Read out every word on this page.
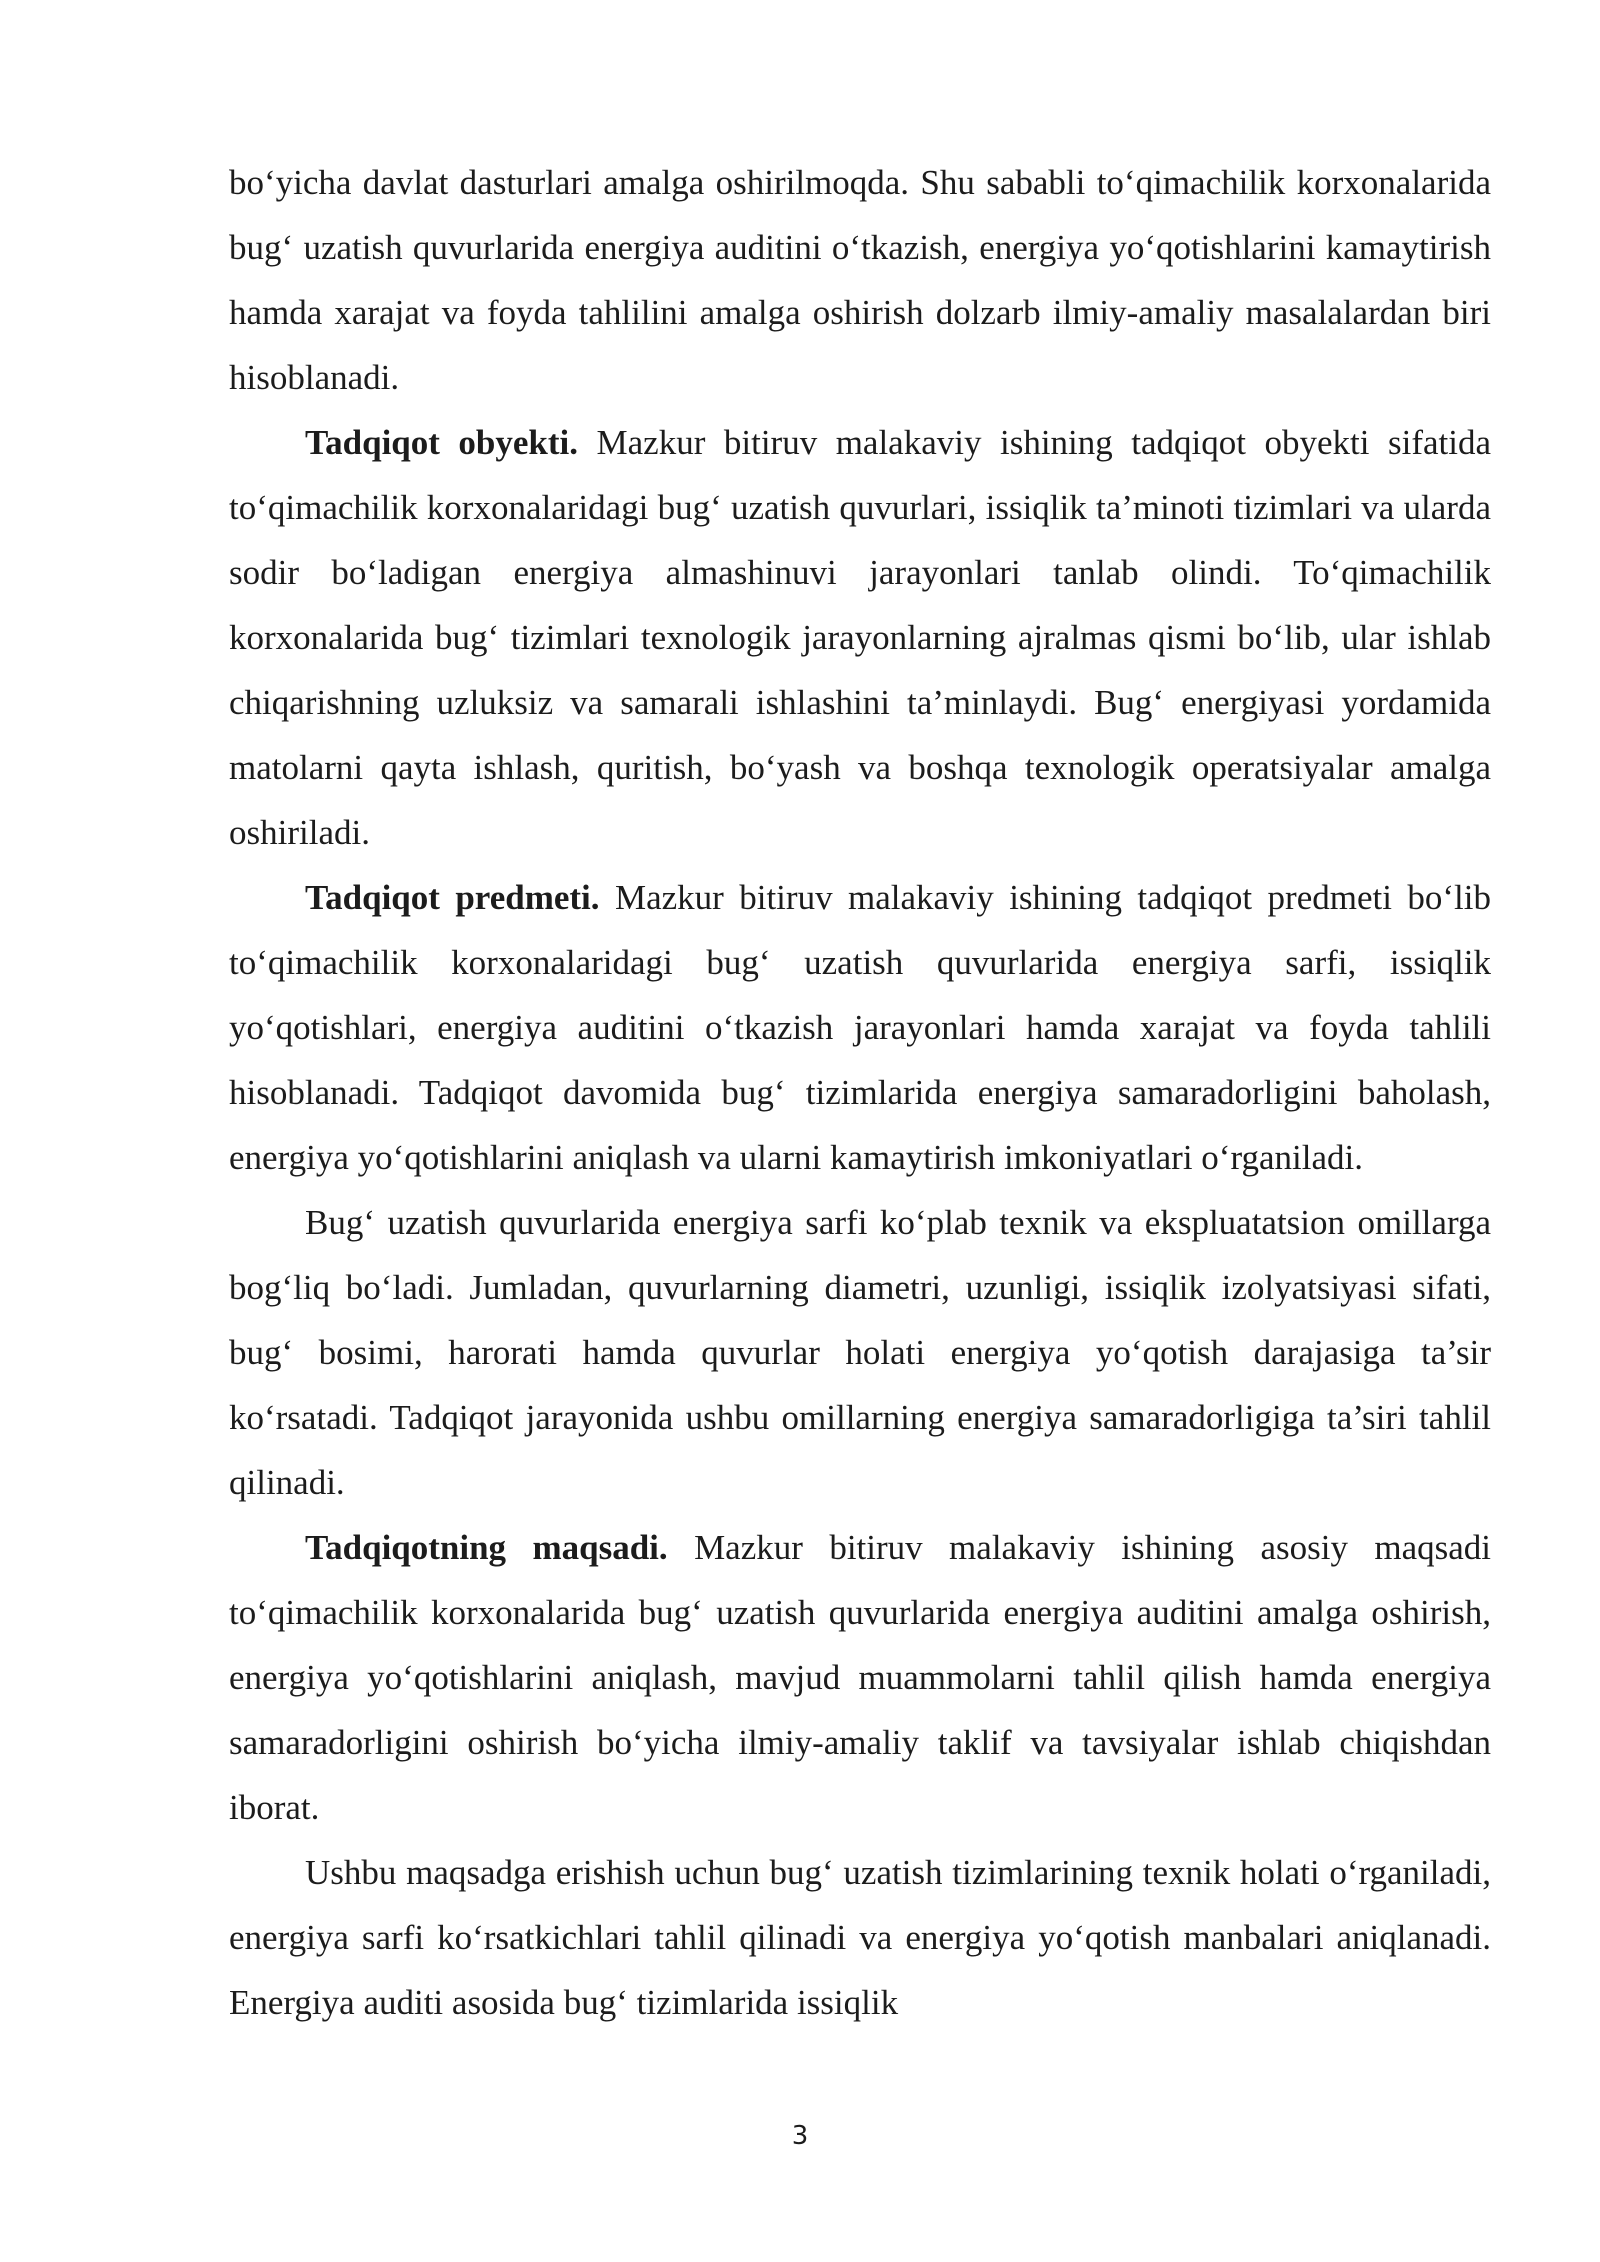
bo‘yicha davlat dasturlari amalga oshirilmoqda. Shu sababli to‘qimachilik korxonalarida bug‘ uzatish quvurlarida energiya auditini o‘tkazish, energiya yo‘qotishlarini kamaytirish hamda xarajat va foyda tahlilini amalga oshirish dolzarb ilmiy-amaliy masalalardan biri hisoblanadi.

Tadqiqot obyekti. Mazkur bitiruv malakaviy ishining tadqiqot obyekti sifatida to‘qimachilik korxonalaridagi bug‘ uzatish quvurlari, issiqlik ta’minoti tizimlari va ularda sodir bo‘ladigan energiya almashinuvi jarayonlari tanlab olindi. To‘qimachilik korxonalarida bug‘ tizimlari texnologik jarayonlarning ajralmas qismi bo‘lib, ular ishlab chiqarishning uzluksiz va samarali ishlashini ta’minlaydi. Bug‘ energiyasi yordamida matolarni qayta ishlash, quritish, bo‘yash va boshqa texnologik operatsiyalar amalga oshiriladi.

Tadqiqot predmeti. Mazkur bitiruv malakaviy ishining tadqiqot predmeti bo‘lib to‘qimachilik korxonalaridagi bug‘ uzatish quvurlarida energiya sarfi, issiqlik yo‘qotishlari, energiya auditini o‘tkazish jarayonlari hamda xarajat va foyda tahlili hisoblanadi. Tadqiqot davomida bug‘ tizimlarida energiya samaradorligini baholash, energiya yo‘qotishlarini aniqlash va ularni kamaytirish imkoniyatlari o‘rganiladi.

Bug‘ uzatish quvurlarida energiya sarfi ko‘plab texnik va ekspluatatsion omillarga bog‘liq bo‘ladi. Jumladan, quvurlarning diametri, uzunligi, issiqlik izolyatsiyasi sifati, bug‘ bosimi, harorati hamda quvurlar holati energiya yo‘qotish darajasiga ta’sir ko‘rsatadi. Tadqiqot jarayonida ushbu omillarning energiya samaradorligiga ta’siri tahlil qilinadi.

Tadqiqotning maqsadi. Mazkur bitiruv malakaviy ishining asosiy maqsadi to‘qimachilik korxonalarida bug‘ uzatish quvurlarida energiya auditini amalga oshirish, energiya yo‘qotishlarini aniqlash, mavjud muammolarni tahlil qilish hamda energiya samaradorligini oshirish bo‘yicha ilmiy-amaliy taklif va tavsiyalar ishlab chiqishdan iborat.

Ushbu maqsadga erishish uchun bug‘ uzatish tizimlarining texnik holati o‘rganiladi, energiya sarfi ko‘rsatkichlari tahlil qilinadi va energiya yo‘qotish manbalari aniqlanadi. Energiya auditi asosida bug‘ tizimlarida issiqlik

3
